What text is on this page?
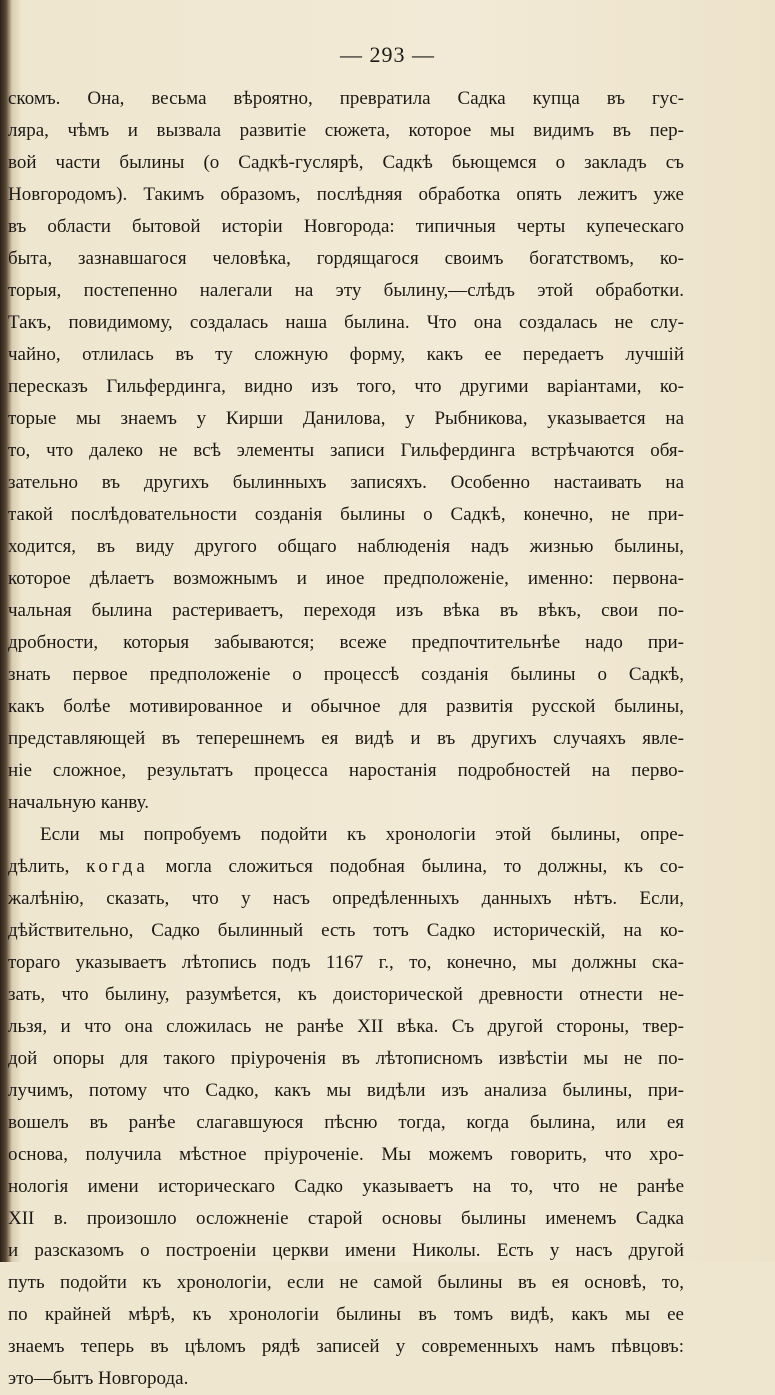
— 293 —
скомъ. Она, весьма вѣроятно, превратила Садка купца въ гус-
ляра, чѣмъ и вызвала развитіе сюжета, которое мы видимъ въ пер-
вой части былины (о Садкѣ-гуслярѣ, Садкѣ бьющемся о закладъ съ
Новгородомъ). Такимъ образомъ, послѣдняя обработка опять лежитъ уже
въ области бытовой исторіи Новгорода: типичныя черты купеческаго
быта, зазнавшагося человѣка, гордящагося своимъ богатствомъ, ко-
торыя, постепенно налегали на эту былину,—слѣдъ этой обработки.
Такъ, повидимому, создалась наша былина. Что она создалась не слу-
чайно, отлилась въ ту сложную форму, какъ ее передаетъ лучшій
пересказъ Гильфердинга, видно изъ того, что другими варіантами, ко-
торые мы знаемъ у Кирши Данилова, у Рыбникова, указывается на
то, что далеко не всѣ элементы записи Гильфердинга встрѣчаются обя-
зательно въ другихъ былинныхъ записяхъ. Особенно настаивать на
такой послѣдовательности созданія былины о Садкѣ, конечно, не при-
ходится, въ виду другого общаго наблюденія надъ жизнью былины,
которое дѣлаетъ возможнымъ и иное предположеніе, именно: первона-
чальная былина растериваетъ, переходя изъ вѣка въ вѣкъ, свои по-
дробности, которыя забываются; всеже предпочтительнѣе надо при-
знать первое предположеніе о процессѣ созданія былины о Садкѣ,
какъ болѣе мотивированное и обычное для развитія русской былины,
представляющей въ теперешнемъ ея видѣ и въ другихъ случаяхъ явле-
ніе сложное, результатъ процесса наростанія подробностей на перво-
начальную канву.
Если мы попробуемъ подойти къ хронологіи этой былины, опре-
дѣлить, когда могла сложиться подобная былина, то должны, къ со-
жалѣнію, сказать, что у насъ опредѣленныхъ данныхъ нѣтъ. Если,
дѣйствительно, Садко былинный есть тотъ Садко историческій, на ко-
тораго указываетъ лѣтопись подъ 1167 г., то, конечно, мы должны ска-
зать, что былину, разумѣется, къ доисторической древности отнести не-
льзя, и что она сложилась не ранѣе XII вѣка. Съ другой стороны, твер-
дой опоры для такого пріуроченія въ лѣтописномъ извѣстіи мы не по-
лучимъ, потому что Садко, какъ мы видѣли изъ анализа былины, при-
вошелъ въ ранѣе слагавшуюся пѣсню тогда, когда былина, или ея
основа, получила мѣстное пріуроченіе. Мы можемъ говорить, что хро-
нологія имени историческаго Садко указываетъ на то, что не ранѣе
XII в. произошло осложненіе старой основы былины именемъ Садка
и разсказомъ о построеніи церкви имени Николы. Есть у насъ другой
путь подойти къ хронологіи, если не самой былины въ ея основѣ, то,
по крайней мѣрѣ, къ хронологіи былины въ томъ видѣ, какъ мы ее
знаемъ теперь въ цѣломъ рядѣ записей у современныхъ намъ пѣвцовъ:
это—бытъ Новгорода.
